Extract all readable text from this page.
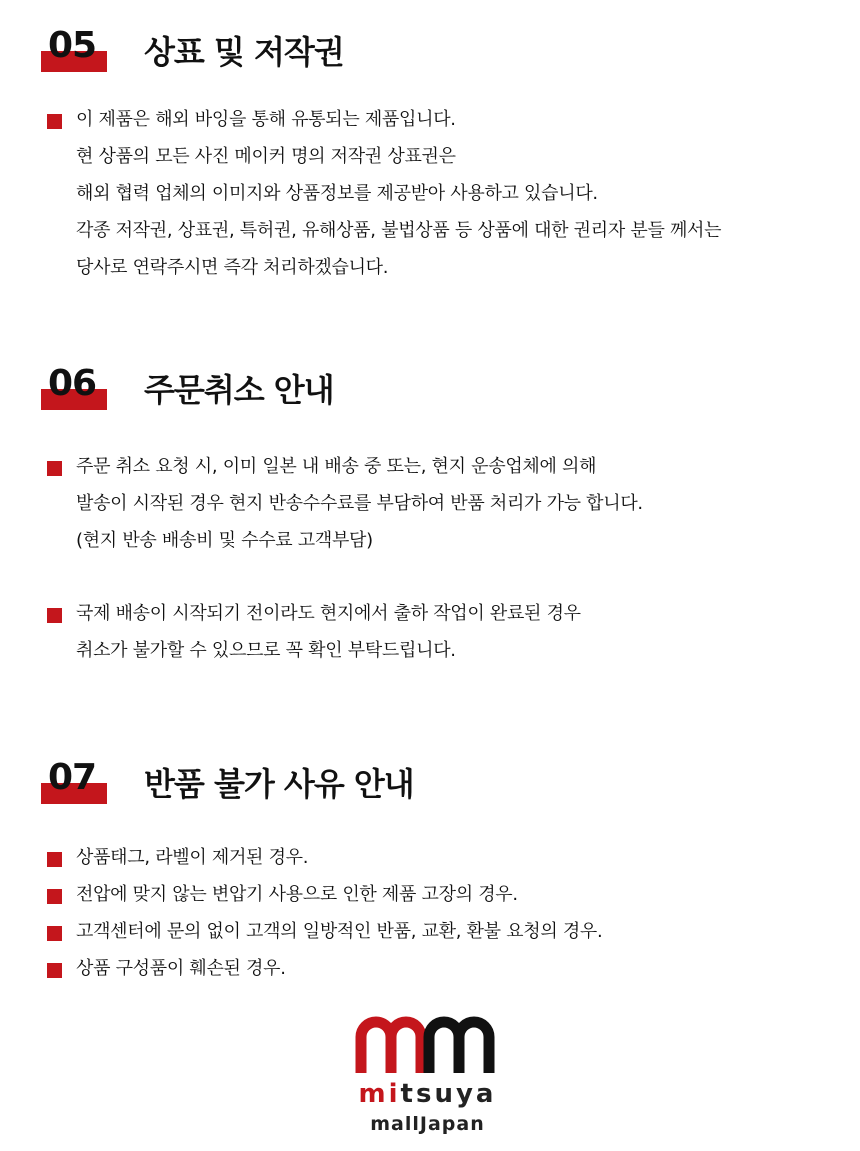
05 상표 및 저작권
이 제품은 해외 바잉을 통해 유통되는 제품입니다.
현 상품의 모든 사진 메이커 명의 저작권 상표권은
해외 협력 업체의 이미지와 상품정보를 제공받아 사용하고 있습니다.
각종 저작권, 상표권, 특허권, 유해상품, 불법상품 등 상품에 대한 권리자 분들 께서는
당사로 연락주시면 즉각 처리하겠습니다.
06 주문취소 안내
주문 취소 요청 시, 이미 일본 내 배송 중 또는, 현지 운송업체에 의해
발송이 시작된 경우 현지 반송수수료를 부담하여 반품 처리가 가능 합니다.
(현지 반송 배송비 및 수수료 고객부담)
국제 배송이 시작되기 전이라도 현지에서 출하 작업이 완료된 경우
취소가 불가할 수 있으므로 꼭 확인 부탁드립니다.
07 반품 불가 사유 안내
상품태그, 라벨이 제거된 경우.
전압에 맞지 않는 변압기 사용으로 인한 제품 고장의 경우.
고객센터에 문의 없이 고객의 일방적인 반품, 교환, 환불 요청의 경우.
상품 구성품이 훼손된 경우.
mitsuya
mallJapan
